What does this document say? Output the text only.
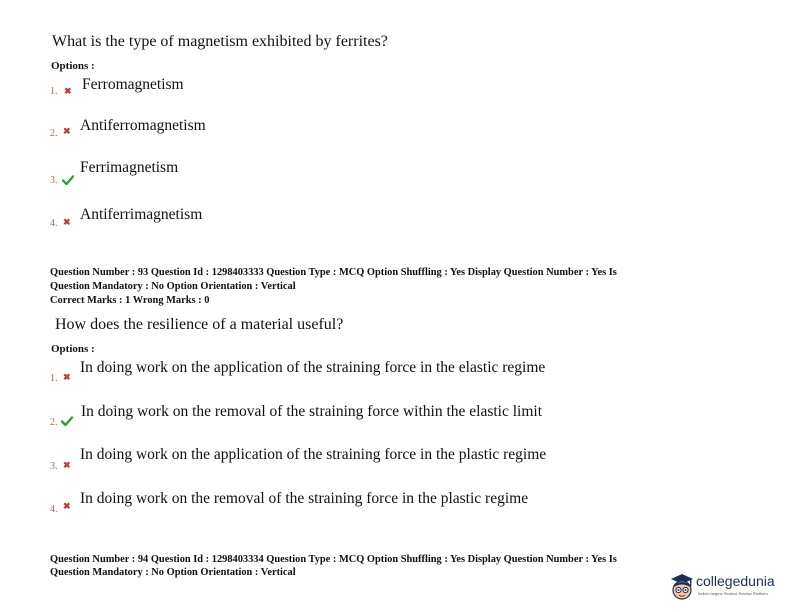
What is the type of magnetism exhibited by ferrites?
Options :
1. ✖ Ferromagnetism
2. ✖ Antiferromagnetism
3.
Ferrimagnetism
4. ✖ Antiferrimagnetism
Question Number : 93 Question Id : 1298403333 Question Type : MCQ Option Shuffling : Yes Display Question Number : Yes Is
Question Mandatory : No Option Orientation : Vertical
Correct Marks : 1 Wrong Marks : 0
How does the resilience of a material useful?
Options :
1. ✖
In doing work on the application of the straining force in the elastic regime
2.
In doing work on the removal of the straining force within the elastic limit
3. ✖
In doing work on the application of the straining force in the plastic regime
4. ✖ In doing work on the removal of the straining force in the plastic regime
Question Number : 94 Question Id : 1298403334 Question Type : MCQ Option Shuffling : Yes Display Question Number : Yes Is
Question Mandatory : No Option Orientation : Vertical
collegedunia
India's largest Student Review Platform
